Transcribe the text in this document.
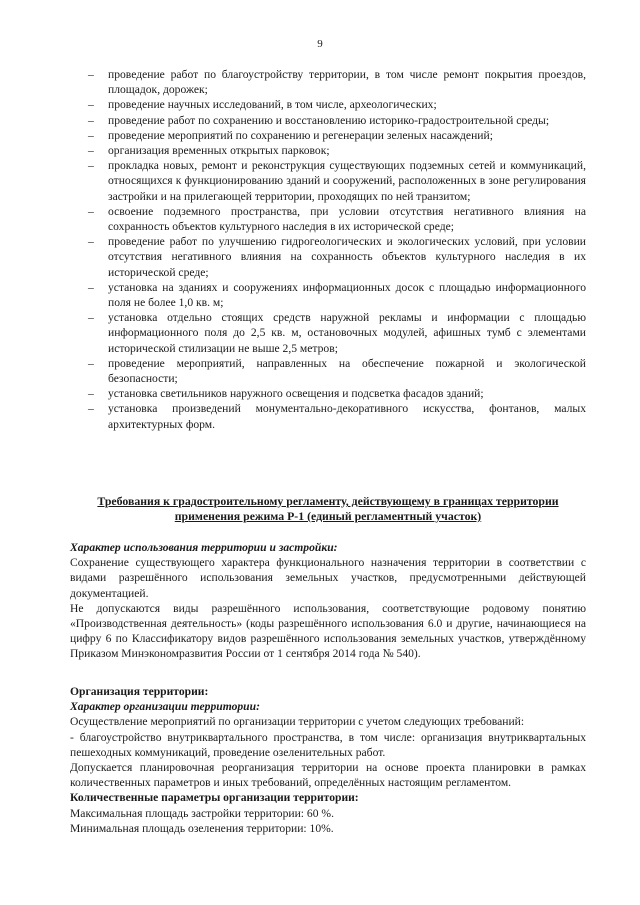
9
– проведение работ по благоустройству территории, в том числе ремонт покрытия проездов, площадок, дорожек;
– проведение научных исследований, в том числе, археологических;
– проведение работ по сохранению и восстановлению историко-градостроительной среды;
– проведение мероприятий по сохранению и регенерации зеленых насаждений;
– организация временных открытых парковок;
– прокладка новых, ремонт и реконструкция существующих подземных сетей и коммуникаций, относящихся к функционированию зданий и сооружений, расположенных в зоне регулирования застройки и на прилегающей территории, проходящих по ней транзитом;
– освоение подземного пространства, при условии отсутствия негативного влияния на сохранность объектов культурного наследия в их исторической среде;
– проведение работ по улучшению гидрогеологических и экологических условий, при условии отсутствия негативного влияния на сохранность объектов культурного наследия в их исторической среде;
– установка на зданиях и сооружениях информационных досок с площадью информационного поля не более 1,0 кв. м;
– установка отдельно стоящих средств наружной рекламы и информации с площадью информационного поля до 2,5 кв. м, остановочных модулей, афишных тумб с элементами исторической стилизации не выше 2,5 метров;
– проведение мероприятий, направленных на обеспечение пожарной и экологической безопасности;
– установка светильников наружного освещения и подсветка фасадов зданий;
– установка произведений монументально-декоративного искусства, фонтанов, малых архитектурных форм.
Требования к градостроительному регламенту, действующему в границах территории применения режима Р-1 (единый регламентный участок)

Характер использования территории и застройки:

Сохранение существующего характера функционального назначения территории в соответствии с видами разрешённого использования земельных участков, предусмотренными действующей документацией.

Не допускаются виды разрешённого использования, соответствующие родовому понятию «Производственная деятельность» (коды разрешённого использования 6.0 и другие, начинающиеся на цифру 6 по Классификатору видов разрешённого использования земельных участков, утверждённому Приказом Минэкономразвития России от 1 сентября 2014 года № 540).

Организация территории:

Характер организации территории:

Осуществление мероприятий по организации территории с учетом следующих требований:

- благоустройство внутриквартального пространства, в том числе: организация внутриквартальных пешеходных коммуникаций, проведение озеленительных работ.

Допускается планировочная реорганизация территории на основе проекта планировки в рамках количественных параметров и иных требований, определённых настоящим регламентом.

Количественные параметры организации территории:

Максимальная площадь застройки территории: 60 %.

Минимальная площадь озеленения территории: 10%.
